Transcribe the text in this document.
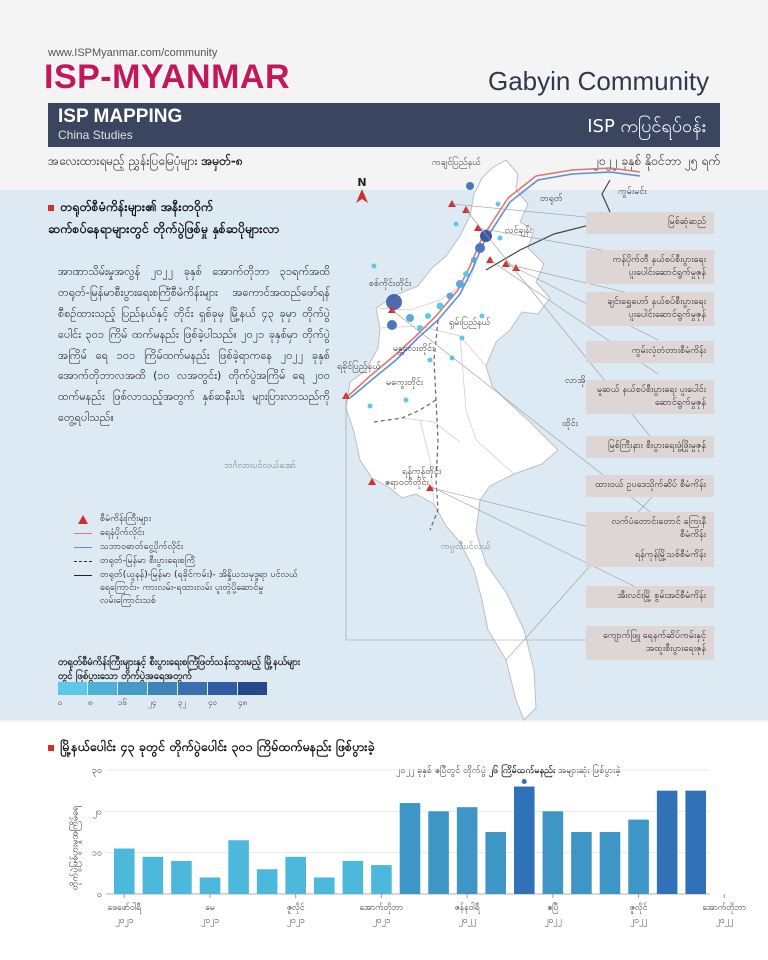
www.ISPMyanmar.com/community
ISP-MYANMAR	Gabyin Community
ISP MAPPING
China Studies	ISP ကပြင်ရပ်ဝန်း
အလေးထားရမည့် ညွှန်းပြမြေပုံများ အမှတ်-၈	၂၀၂၂ ခုနှစ် နိုဝင်ဘာ ၂၅ ရက်
တရုတ်စီမံကိန်းများ၏ အနီးတဝိုက်
ဆက်စပ်နေရာများတွင် တိုက်ပွဲဖြစ်မှု နှစ်ဆပိုများလာ
အာဏာသိမ်းမှုအလွန် ၂၀၂၂ ခုနှစ် အောက်တိုဘာ ၃၁ရက်အထိတရုတ်-မြန်မာစီးပွားရေးစင်္ကြံစီမံကိန်းများ အကောင်အထည်ဖော်ရန် စီစဉ်ထားသည့် ပြည်နယ်နှင့် တိုင်း ရှစ်ခုမှ မြို့နယ် ၄၃ ခုမှာ တိုက်ပွဲပေါင်း ၃၀၁ ကြိမ် ထက်မနည်း ဖြစ်ခဲ့ပါသည်။ ၂၀၂၁ ခုနှစ်မှာ တိုက်ပွဲအကြိမ် ရေ ၁၀၁ ကြိမ်ထက်မနည်း ဖြစ်ခဲ့ရာကနေ ၂၀၂၂ ခုနှစ် အောက်တိုဘာလအထိ (၁၀ လအတွင်း) တိုက်ပွဲအကြိမ် ရေ ၂၀၀ ထက်မနည်း ဖြစ်လာသည့်အတွက် နှစ်ဆနီးပါး များပြားလာသည်ကို တွေ့ရပါသည်။
N
ကချင်ပြည်နယ်
တရုတ်
ကွမ်းမင်း
လင်ချန်း
စစ်ကိုင်းတိုင်း
ရှမ်းပြည်နယ်
မန္တလေးတိုင်း
ရခိုင်ပြည်နယ်
မကွေးတိုင်း	လာအို
ထိုင်း
ရန်ကုန်တိုင်း
ဧရာဝတီတိုင်း
ဘင်္ဂလားပင်လယ်အော်
ကပ္ပလီပင်လယ်
မြစ်ဆုံဆည်
ကန်ပိုက်တီ နယ်စပ်စီးပွားရေး ပူးပေါင်းဆောင်ရွက်မှုဇုန်
ချင်းရွှေဟော် နယ်စပ်စီးပွားရေး ပူးပေါင်းဆောင်ရွက်မှုဇုန်
ကွမ်းလုံတံတားစီမံကိန်း
မူဆယ် နယ်စပ်စီးပွားရေး ပူးပေါင်းဆောင်ရွက်မှုဇုန်
မြစ်ကြီးနား စီးပွားရေးဖွံ့ဖြိုးမှုဇုန်
ထားဝယ် ဥပဒေသိုက်ဆိပ် စီမံကိန်း
လက်ပံတောင်းတောင် ကြေးနီစီမံကိန်း
ရန်ကုန်မြို့သစ်စီမံကိန်း
အီးလင်းမြို့ စွမ်းအင်စီမံကိန်း
ကျောက်ဖြူ ရေနက်ဆိပ်ကမ်းနှင့် အထူးစီးပွားရေးဇုန်
စီမံကိန်းကြီးများ
ရေနံပိုက်လိုင်း
သဘာဝဓာတ်ငွေ့ပိုက်လိုင်း
တရုတ်-မြန်မာ စီးပွားရေးစင်္ကြံ
တရုတ်(ယူနန်)-မြန်မာ (ရခိုင်ကမ်း)- အိန္ဒိယသမုဒ္ဒရာ ပင်လယ်ရေကြောင်း- ကားလမ်း-ရထားလမ်း ပူးတွဲပို့ဆောင်မှု လမ်းကြောင်းသစ်
တရုတ်စီမံကိန်းကြီးများနှင့် စီးပွားရေးစင်္ကြံဖြတ်သန်းသွားမည့် မြို့နယ်များတွင် ဖြစ်ပွားသော တိုက်ပွဲအရေအတွက်
၀	၈	၁၆	၂၄	၃၂	၄၀	၄၈
မြို့နယ်ပေါင်း ၄၃ ခုတွင် တိုက်ပွဲပေါင်း ၃၀၁ ကြိမ်ထက်မနည်း ဖြစ်ပွားခဲ့
၂၀၂၂ ခုနှစ် ဧပြီတွင် တိုက်ပွဲ ၂၆ ကြိမ်ထက်မနည်း အများဆုံး ဖြစ်ပွားခဲ့
တိုက်ပွဲဖြစ်ပွားမှုအကြိမ်ရေ
၀
၁၀
၂၀
၃၀
ဖေဖော်ဝါရီ
၂၀၂၁
မေ
၂၀၂၁
ဇူလိုင်
၂၀၂၁
အောက်တိုဘာ
၂၀၂၁
ဇန်နဝါရီ
၂၀၂၂
ဧပြီ
၂၀၂၂
ဇူလိုင်
၂၀၂၂
အောက်တိုဘာ
၂၀၂၂
